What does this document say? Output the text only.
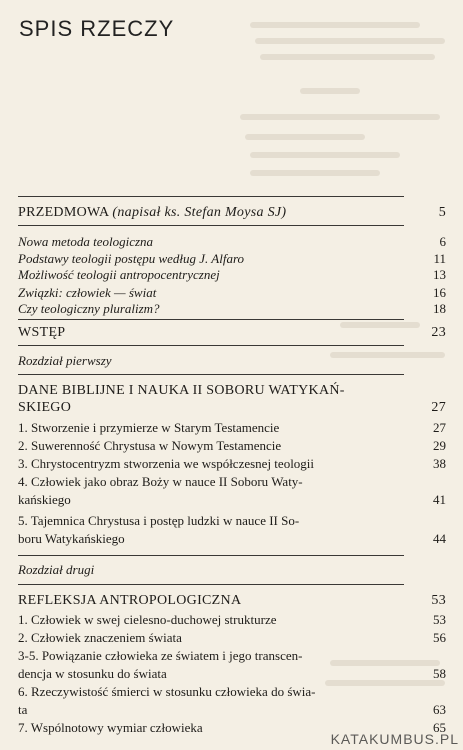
SPIS RZECZY
PRZEDMOWA (napisał ks. Stefan Moysa SJ)	5
Nowa metoda teologiczna	6
Podstawy teologii postępu według J. Alfaro	11
Możliwość teologii antropocentrycznej	13
Związki: człowiek — świat	16
Czy teologiczny pluralizm?	18
WSTĘP	23
Rozdział pierwszy
DANE BIBLIJNE I NAUKA II SOBORU WATYKAŃ-
SKIEGO	27
1. Stworzenie i przymierze w Starym Testamencie	27
2. Suwerenność Chrystusa w Nowym Testamencie	29
3. Chrystocentryzm stworzenia we współczesnej teologii	38
4. Człowiek jako obraz Boży w nauce II Soboru Waty-
kańskiego	41
5. Tajemnica Chrystusa i postęp ludzki w nauce II So-
boru Watykańskiego	44
Rozdział drugi
REFLEKSJA ANTROPOLOGICZNA	53
1. Człowiek w swej cielesno-duchowej strukturze	53
2. Człowiek znaczeniem świata	56
3-5. Powiązanie człowieka ze światem i jego transcen-
dencja w stosunku do świata	58
6. Rzeczywistość śmierci w stosunku człowieka do świa-
ta	63
7. Wspólnotowy wymiar człowieka	65
KATAKUMBUS.PL
